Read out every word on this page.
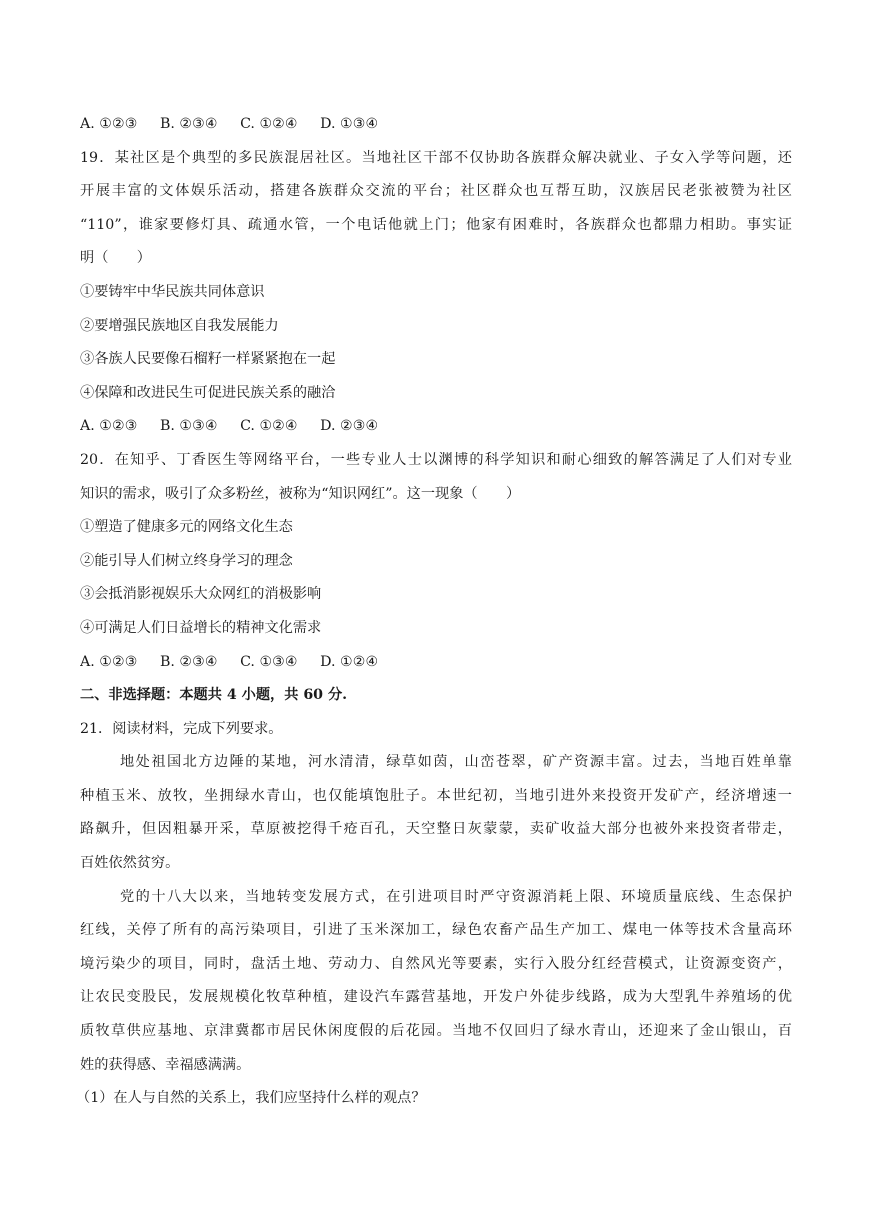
A. ①②③ B. ②③④ C. ①②④ D. ①③④
19．某社区是个典型的多民族混居社区。当地社区干部不仅协助各族群众解决就业、子女入学等问题，还
开展丰富的文体娱乐活动，搭建各族群众交流的平台；社区群众也互帮互助，汉族居民老张被赞为社区
“110”，谁家要修灯具、疏通水管，一个电话他就上门；他家有困难时，各族群众也都鼎力相助。事实证
明（　　）
①要铸牢中华民族共同体意识
②要增强民族地区自我发展能力
③各族人民要像石榴籽一样紧紧抱在一起
④保障和改进民生可促进民族关系的融洽
A. ①②③ B. ①③④ C. ①②④ D. ②③④
20．在知乎、丁香医生等网络平台，一些专业人士以渊博的科学知识和耐心细致的解答满足了人们对专业
知识的需求，吸引了众多粉丝，被称为“知识网红”。这一现象（　　）
①塑造了健康多元的网络文化生态
②能引导人们树立终身学习的理念
③会抵消影视娱乐大众网红的消极影响
④可满足人们日益增长的精神文化需求
A. ①②③ B. ②③④ C. ①③④ D. ①②④
二、非选择题：本题共 4 小题，共 60 分.
21．阅读材料，完成下列要求。
地处祖国北方边陲的某地，河水清清，绿草如茵，山峦苍翠，矿产资源丰富。过去，当地百姓单靠
种植玉米、放牧，坐拥绿水青山，也仅能填饱肚子。本世纪初，当地引进外来投资开发矿产，经济增速一
路飙升，但因粗暴开采，草原被挖得千疮百孔，天空整日灰蒙蒙，卖矿收益大部分也被外来投资者带走，
百姓依然贫穷。
党的十八大以来，当地转变发展方式，在引进项目时严守资源消耗上限、环境质量底线、生态保护
红线，关停了所有的高污染项目，引进了玉米深加工，绿色农畜产品生产加工、煤电一体等技术含量高环
境污染少的项目，同时，盘活土地、劳动力、自然风光等要素，实行入股分红经营模式，让资源变资产，
让农民变股民，发展规模化牧草种植，建设汽车露营基地，开发户外徒步线路，成为大型乳牛养殖场的优
质牧草供应基地、京津冀都市居民休闲度假的后花园。当地不仅回归了绿水青山，还迎来了金山银山，百
姓的获得感、幸福感满满。
（1）在人与自然的关系上，我们应坚持什么样的观点？
